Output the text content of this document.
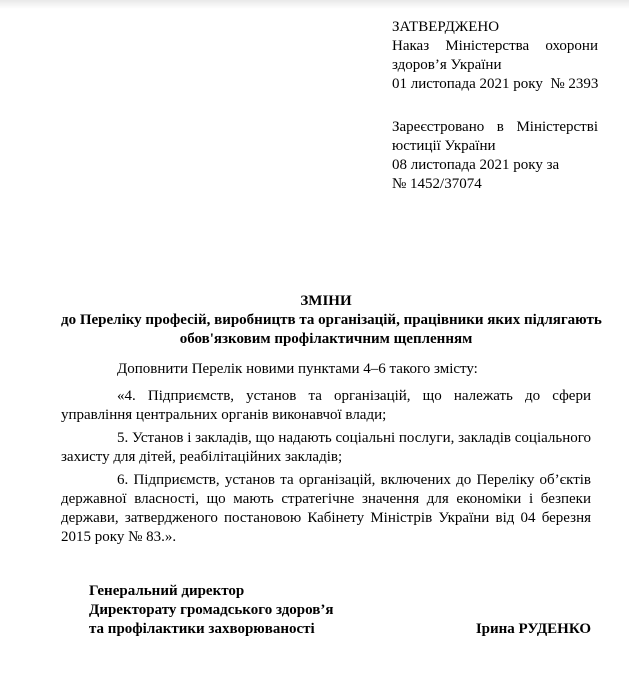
ЗАТВЕРДЖЕНО
Наказ Міністерства охорони
здоров’я України
01 листопада 2021 року  № 2393
Зареєстровано в Міністерстві
юстиції України
08 листопада 2021 року за
№ 1452/37074
ЗМІНИ
до Переліку професій, виробництв та організацій, працівники яких підлягають
обов'язковим профілактичним щепленням
Доповнити Перелік новими пунктами 4–6 такого змісту:
«4. Підприємств, установ та організацій, що належать до сфери
управління центральних органів виконавчої влади;
5. Установ і закладів, що надають соціальні послуги, закладів соціального
захисту для дітей, реабілітаційних закладів;
6. Підприємств, установ та організацій, включених до Переліку об’єктів
державної власності, що мають стратегічне значення для економіки і безпеки
держави, затвердженого постановою Кабінету Міністрів України від 04 березня
2015 року № 83.».
Генеральний директор
Директорату громадського здоров’я
та профілактики захворюваності	Ірина РУДЕНКО
